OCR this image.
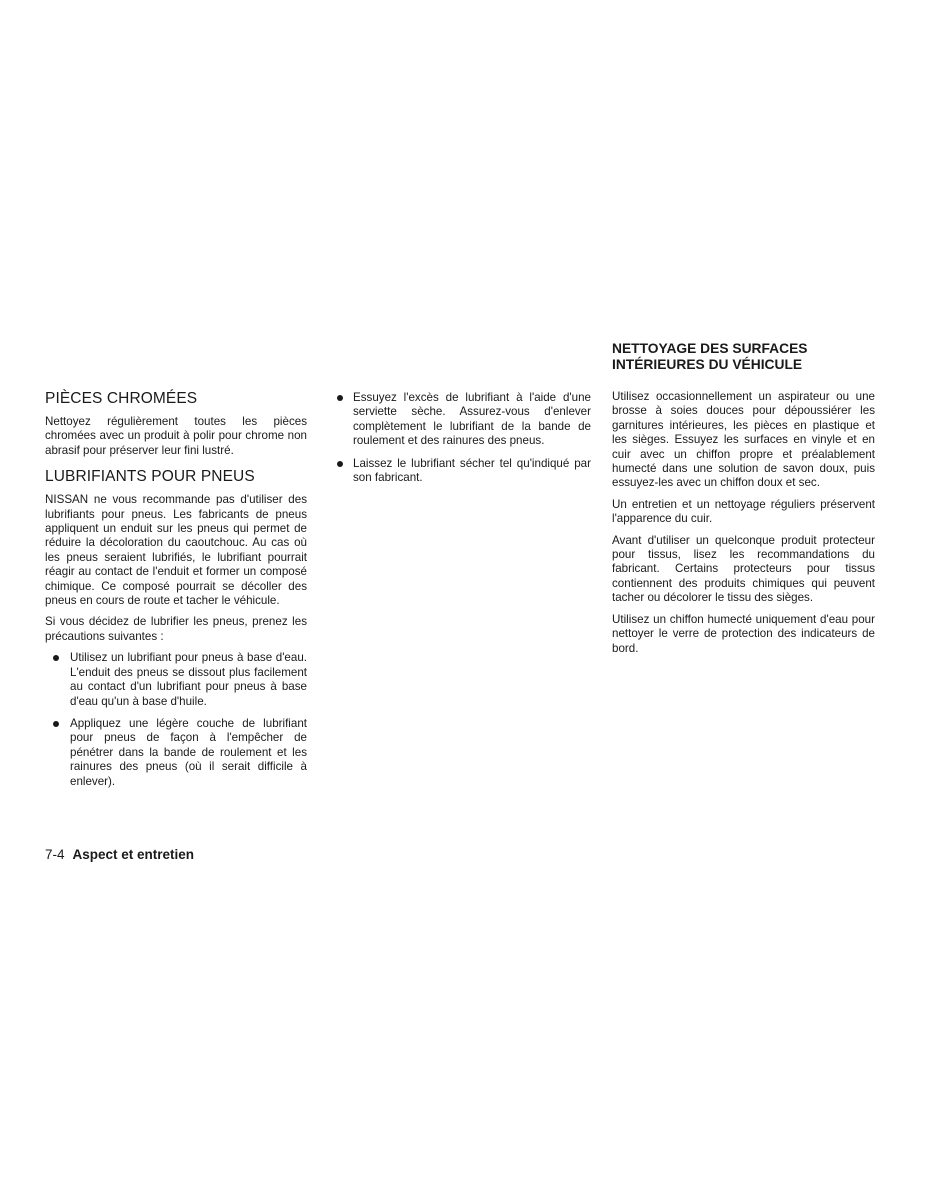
PIÈCES CHROMÉES

Nettoyez régulièrement toutes les pièces chromées avec un produit à polir pour chrome non abrasif pour préserver leur fini lustré.

LUBRIFIANTS POUR PNEUS

NISSAN ne vous recommande pas d'utiliser des lubrifiants pour pneus. Les fabricants de pneus appliquent un enduit sur les pneus qui permet de réduire la décoloration du caoutchouc. Au cas où les pneus seraient lubrifiés, le lubrifiant pourrait réagir au contact de l'enduit et former un composé chimique. Ce composé pourrait se décoller des pneus en cours de route et tacher le véhicule.

Si vous décidez de lubrifier les pneus, prenez les précautions suivantes :

Utilisez un lubrifiant pour pneus à base d'eau. L'enduit des pneus se dissout plus facilement au contact d'un lubrifiant pour pneus à base d'eau qu'un à base d'huile.
Appliquez une légère couche de lubrifiant pour pneus de façon à l'empêcher de pénétrer dans la bande de roulement et les rainures des pneus (où il serait difficile à enlever).
Essuyez l'excès de lubrifiant à l'aide d'une serviette sèche. Assurez-vous d'enlever complètement le lubrifiant de la bande de roulement et des rainures des pneus.
Laissez le lubrifiant sécher tel qu'indiqué par son fabricant.
NETTOYAGE DES SURFACES
INTÉRIEURES DU VÉHICULE

Utilisez occasionnellement un aspirateur ou une brosse à soies douces pour dépoussiérer les garnitures intérieures, les pièces en plastique et les sièges. Essuyez les surfaces en vinyle et en cuir avec un chiffon propre et préalablement humecté dans une solution de savon doux, puis essuyez-les avec un chiffon doux et sec.

Un entretien et un nettoyage réguliers préservent l'apparence du cuir.

Avant d'utiliser un quelconque produit protecteur pour tissus, lisez les recommandations du fabricant. Certains protecteurs pour tissus contiennent des produits chimiques qui peuvent tacher ou décolorer le tissu des sièges.

Utilisez un chiffon humecté uniquement d'eau pour nettoyer le verre de protection des indicateurs de bord.

7-4 Aspect et entretien
